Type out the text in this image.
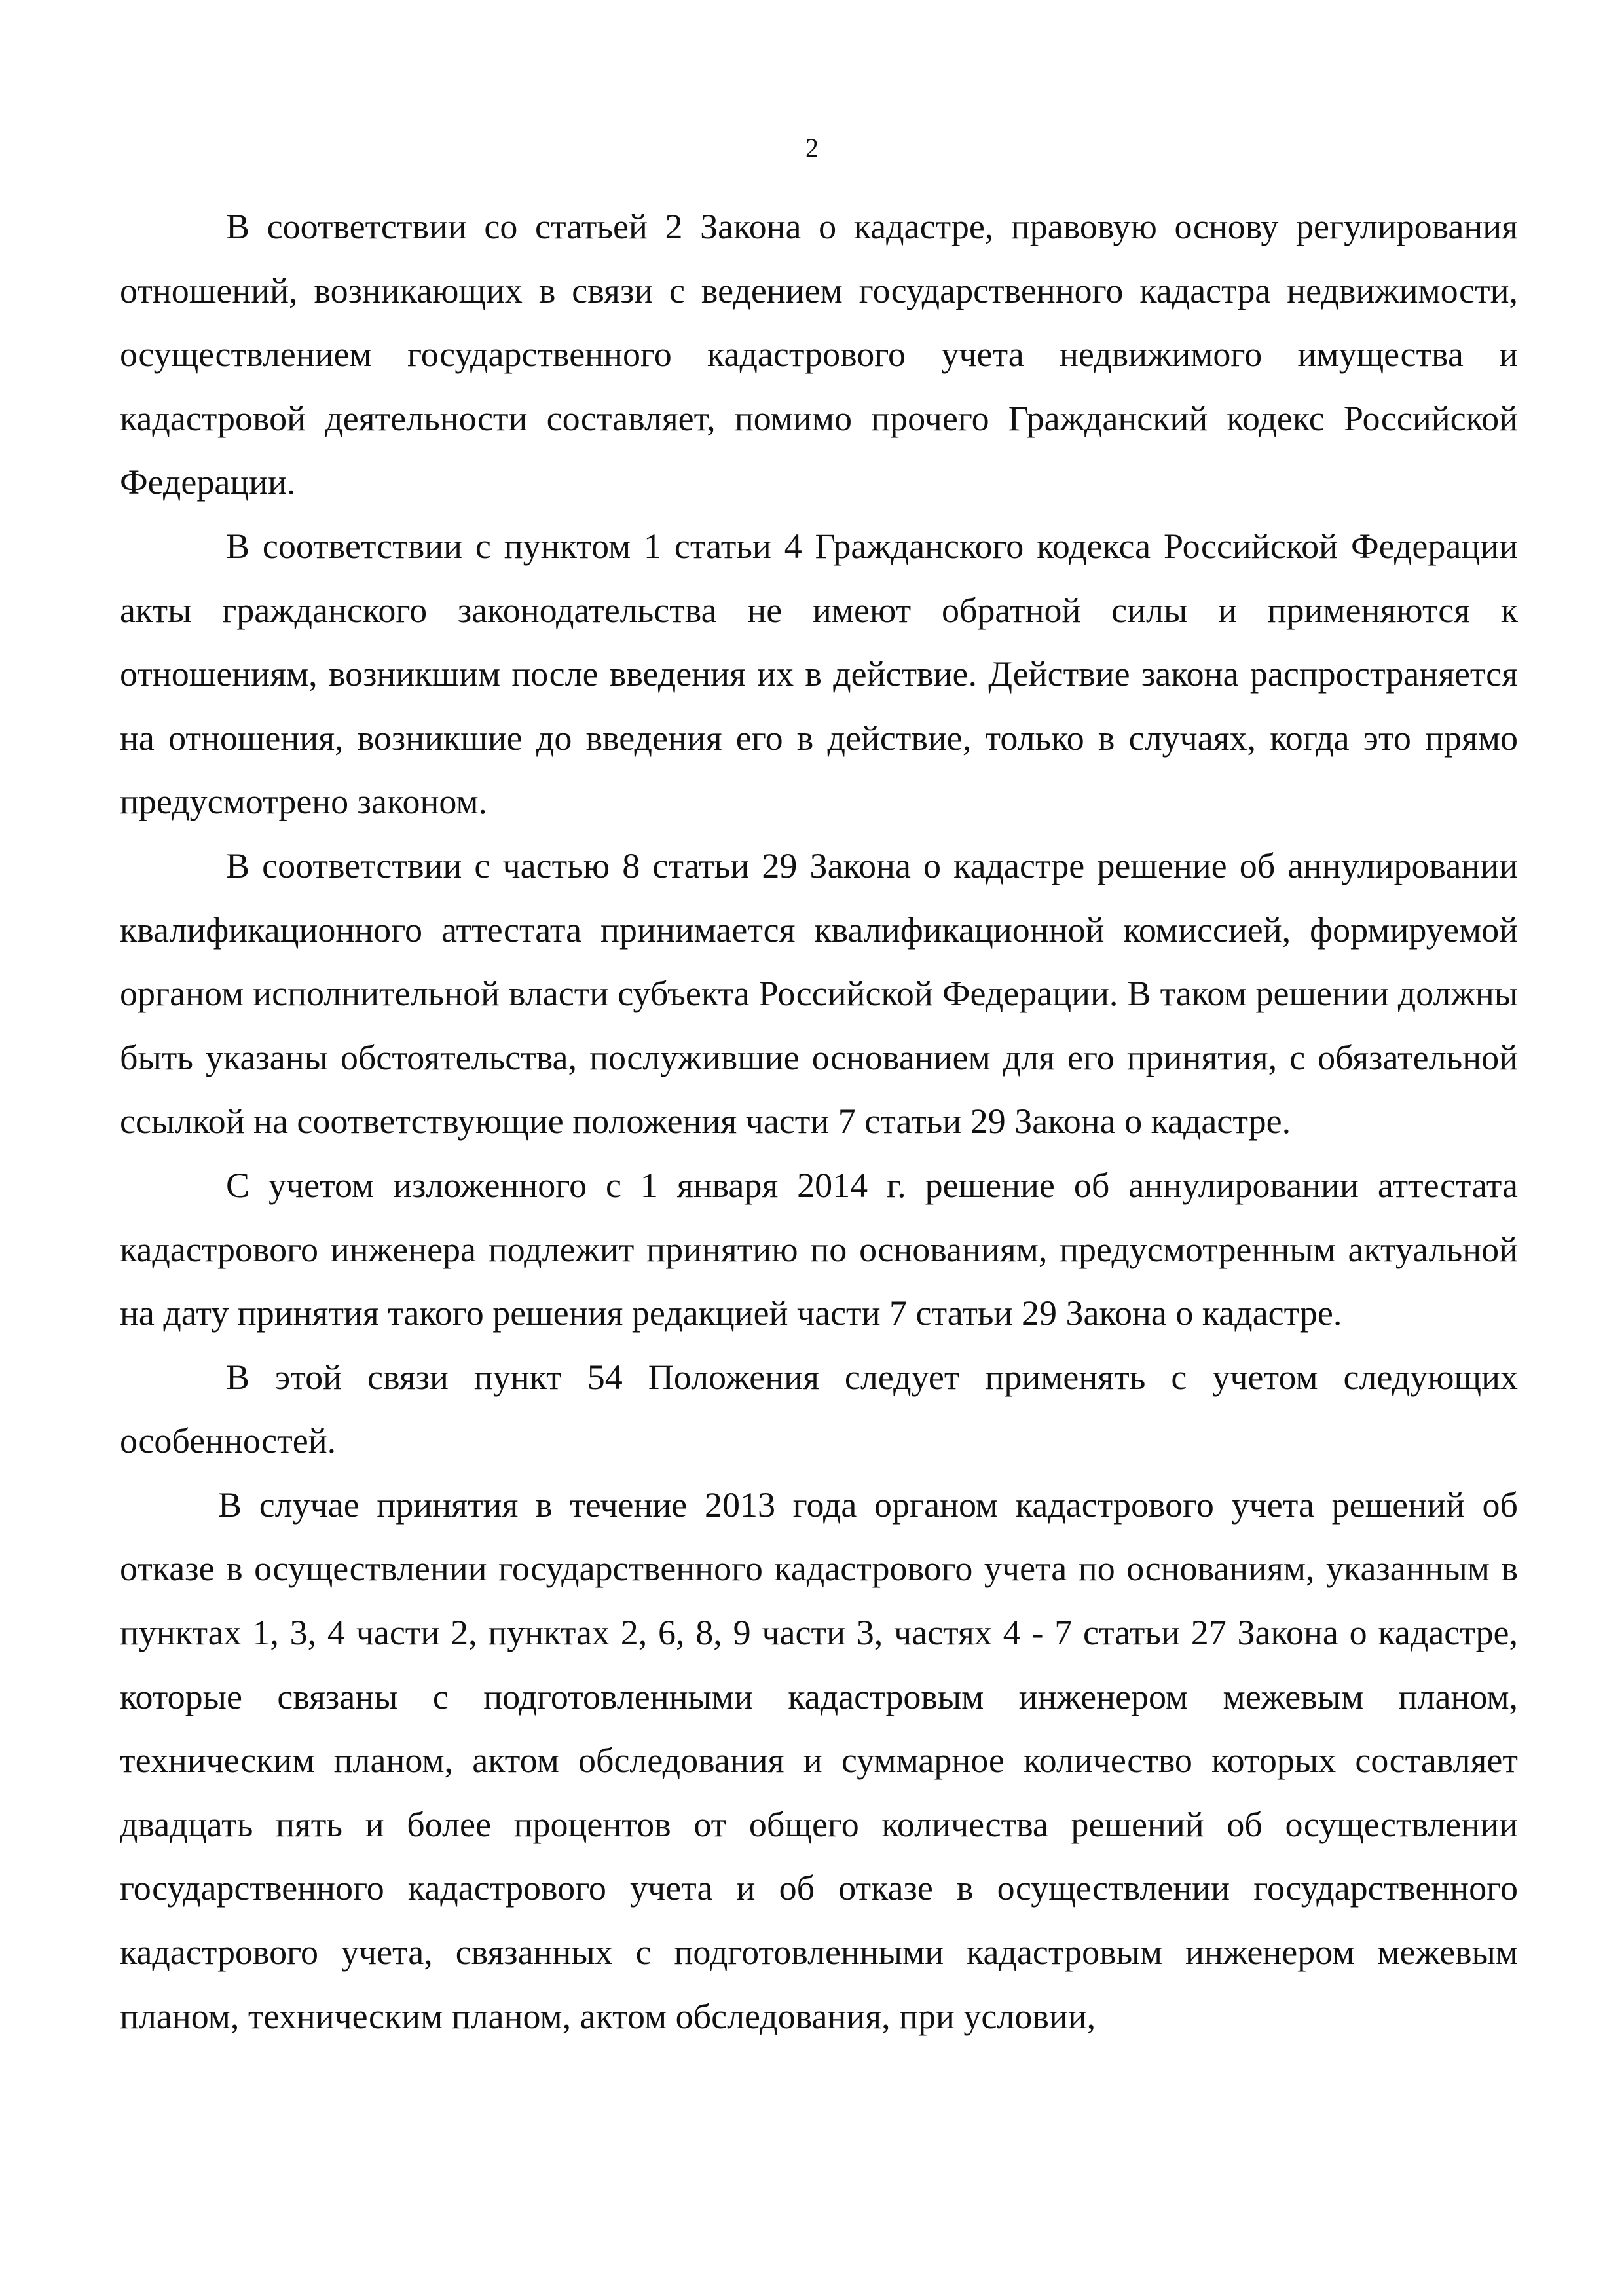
2

В соответствии со статьей 2 Закона о кадастре, правовую основу регулирования отношений, возникающих в связи с ведением государственного кадастра недвижимости, осуществлением государственного кадастрового учета недвижимого имущества и кадастровой деятельности составляет, помимо прочего Гражданский кодекс Российской Федерации.

В соответствии с пунктом 1 статьи 4 Гражданского кодекса Российской Федерации акты гражданского законодательства не имеют обратной силы и применяются к отношениям, возникшим после введения их в действие. Действие закона распространяется на отношения, возникшие до введения его в действие, только в случаях, когда это прямо предусмотрено законом.

В соответствии с частью 8 статьи 29 Закона о кадастре решение об аннулировании квалификационного аттестата принимается квалификационной комиссией, формируемой органом исполнительной власти субъекта Российской Федерации. В таком решении должны быть указаны обстоятельства, послужившие основанием для его принятия, с обязательной ссылкой на соответствующие положения части 7 статьи 29 Закона о кадастре.

С учетом изложенного с 1 января 2014 г. решение об аннулировании аттестата кадастрового инженера подлежит принятию по основаниям, предусмотренным актуальной на дату принятия такого решения редакцией части 7 статьи 29 Закона о кадастре.

В этой связи пункт 54 Положения следует применять с учетом следующих особенностей.

В случае принятия в течение 2013 года органом кадастрового учета решений об отказе в осуществлении государственного кадастрового учета по основаниям, указанным в пунктах 1, 3, 4 части 2, пунктах 2, 6, 8, 9 части 3, частях 4 - 7 статьи 27 Закона о кадастре, которые связаны с подготовленными кадастровым инженером межевым планом, техническим планом, актом обследования и суммарное количество которых составляет двадцать пять и более процентов от общего количества решений об осуществлении государственного кадастрового учета и об отказе в осуществлении государственного кадастрового учета, связанных с подготовленными кадастровым инженером межевым планом, техническим планом, актом обследования, при условии,
